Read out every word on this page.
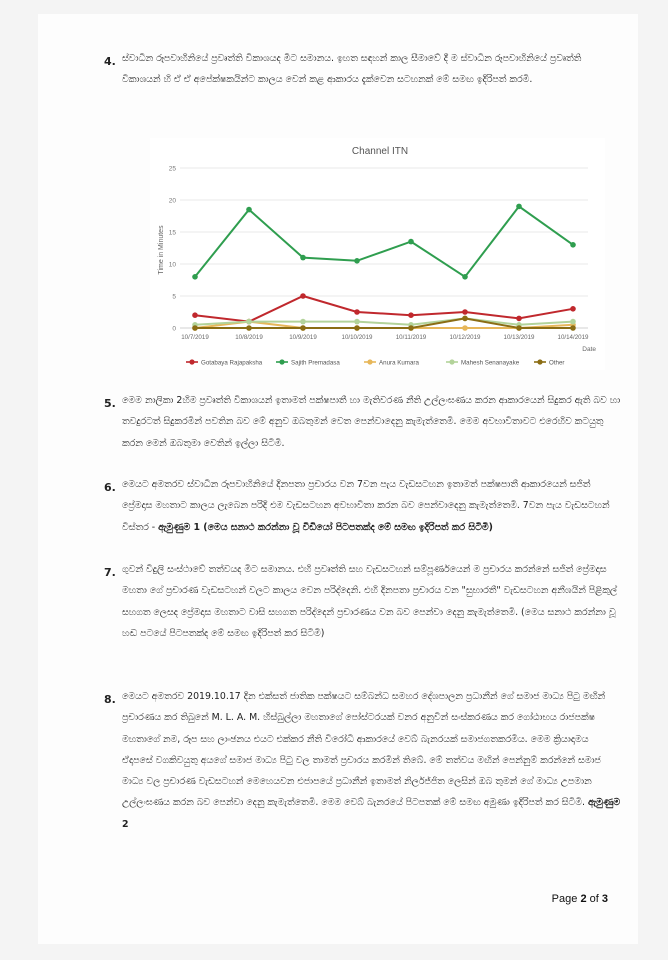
4. ස්වාධීන රූපවාහිනියේ ප්‍රවෘත්ති විකාශයද මීට සමානය. ඉහත සඳහන් කාල සීමාවේ දී ම ස්වාධීන රූපවාහිනියේ ප්‍රවෘත්ති විකාශයන් හි ඒ ඒ අපේක්ෂකයින්ට කාලය වෙන් කළ ආකාරය දැක්වෙන සටහනක් මේ සමඟ ඉදිරිපත් කරමි.
Channel ITN
0
5
10
15
20
25
10/7/2019	10/8/2019	10/9/2019	10/10/2019	10/11/2019	10/12/2019	10/13/2019	10/14/2019
Time in Minutes
Date
Gotabaya Rajapaksha	Sajith Premadasa	Anura Kumara	Mahesh Senanayake	Other
5. මෙම නාලිකා 2හිම ප්‍රවෘත්ති විකාශයන් ඉතාමත් පක්ෂපාතී හා මැතිවරණ නීති උල්ලංඝණය කරන ආකාරයෙන් සිදුකර ඇති බව හා තවදුරටත් සිදුකරමින් පවතින බව මේ අනුව ඔබතුමන් වෙත පෙන්වාදෙනු කැමැත්තෙමි. මෙම අවභාවිතාවට එරෙහිව කටයුතු කරන මෙන් ඔබතුමා වෙතින් ඉල්ලා සිටිමි.
6. මෙයට අමතරව ස්වාධීන රූපවාහිනියේ දිනපතා ප්‍රචාරය වන 7වන පැය වැඩසටහන ඉතාමත් පක්ෂපාතී ආකාරයෙන් සජිත් ප්‍රේමදාස මහතාට කාලය ලැබෙන පරිදි එම වැඩසටහන අවභාවිතා කරන බව පෙන්වාදෙනු කැමැත්තෙමි. 7වන පැය වැඩසටහන් විස්තර - ඇමුණුම 1 (මෙය සනාථ කරන්නා වූ වීඩියෝ පිටපතක්ද මේ සමඟ ඉදිරිපත් කර සිටිමි)
7. ගුවන් විදුලි සංස්ථාවේ තත්වයද මීට සමානය. එහි ප්‍රවෘත්ති සහ වැඩසටහන් සම්පූර්ණයෙන් ම ප්‍රචාරය කරන්නේ සජිත් ප්‍රේමදාස මහතා ගේ ප්‍රචාරණ වැඩසටහන් වලට කාලය වෙන පරිද්දෙනි. එහි දිනපතා ප්‍රචාරය වන "සුභාරතී" වැඩසටහන අනීශයින් පිළිකුල් සහගත ලෙසද ප්‍රේමදාස මහතාට වාසි සහගත පරිද්දෙන් ප්‍රචාරණය වන බව පෙන්වා දෙනු කැමැත්තෙමි. (මෙය සනාථ කරන්නා වූ හඬ පටයේ පිටපතක්ද මේ සමඟ ඉදිරිපත් කර සිටිමි)
8. මෙයට අමතරව 2019.10.17 දින එක්සත් ජාතික පක්ෂයට සම්බන්ධ සමහර දේශපාලන ප්‍රධානීන් ගේ සමාජ මාධ්‍ය පිටු මඟින් ප්‍රචාරණය කර තිබුනේ M. L. A. M. හිස්බුල්ලා මහතාගේ පෝස්ටරයක් වනර අනුවින් සංස්කරණය කර ගෝඨාභය රාජපක්ෂ මහතාගේ නම, රූප සහ ලාංඡනය එයට එක්කර නීති විරෝධී ආකාරයේ වෙබ් බැනරයක් සමාජගතකරමිය. මෙම ක්‍රියාදාමය ඒදාපසේ වගකිවයුතු අයගේ සමාජ මාධ්‍ය පිටු වල තාමත් ප්‍රචාරය කරමින් තිබේ. මේ තත්වය මඟින් පෙන්නුම් කරන්නේ සමාජ මාධ්‍ය වල ප්‍රචාරණ වැඩසටහන් මෙහෙයවන එජාපයේ ප්‍රධානීන් ඉතාමත් නිර්ලජ්ජිත ලෙසින් ඔබ තුමන් ගේ මාධ්‍ය උපමාන උල්ලංඝණය කරන බව පෙන්වා දෙනු කැමැත්තෙමි. මෙම වෙබ් බැනරයේ පිටපතක් මේ සමඟ අමුණා ඉදිරිපත් කර සිටිමි. ඇමුණුම 2
Page 2 of 3
